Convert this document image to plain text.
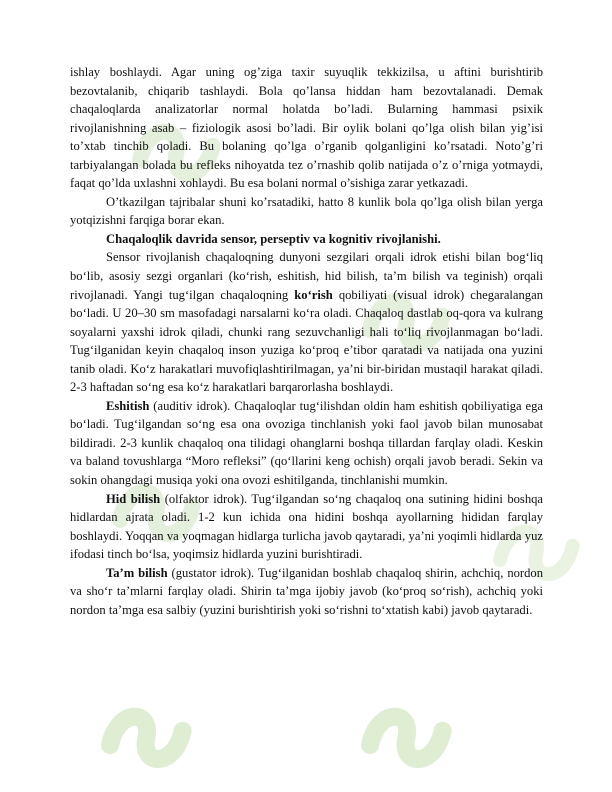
ishlay boshlaydi. Agar uning og’ziga taxir suyuqlik tekkizilsa, u aftini burishtirib bezovtalanib, chiqarib tashlaydi. Bola qo’lansa hiddan ham bezovtalanadi. Demak chaqaloqlarda analizatorlar normal holatda bo’ladi. Bularning hammasi psixik rivojlanishning asab – fiziologik asosi bo’ladi. Bir oylik bolani qo’lga olish bilan yig’isi to’xtab tinchib qoladi. Bu bolaning qo’lga o’rganib qolganligini ko’rsatadi. Noto’g’ri tarbiyalangan bolada bu refleks nihoyatda tez o’rnashib qolib natijada o’z o’rniga yotmaydi, faqat qo’lda uxlashni xohlaydi. Bu esa bolani normal o’sishiga zarar yetkazadi.

O’tkazilgan tajribalar shuni ko’rsatadiki, hatto 8 kunlik bola qo’lga olish bilan yerga yotqizishni farqiga borar ekan.

Chaqaloqlik davrida sensor, perseptiv va kognitiv rivojlanishi.

Sensor rivojlanish chaqaloqning dunyoni sezgilari orqali idrok etishi bilan bog‘liq bo‘lib, asosiy sezgi organlari (ko‘rish, eshitish, hid bilish, ta’m bilish va teginish) orqali rivojlanadi. Yangi tug‘ilgan chaqaloqning ko‘rish qobiliyati (visual idrok) chegaralangan bo‘ladi. U 20–30 sm masofadagi narsalarni ko‘ra oladi. Chaqaloq dastlab oq-qora va kulrang soyalarni yaxshi idrok qiladi, chunki rang sezuvchanligi hali to‘liq rivojlanmagan bo‘ladi. Tug‘ilganidan keyin chaqaloq inson yuziga ko‘proq e’tibor qaratadi va natijada ona yuzini tanib oladi. Ko‘z harakatlari muvofiqlashtirilmagan, ya’ni bir-biridan mustaqil harakat qiladi. 2-3 haftadan so‘ng esa ko‘z harakatlari barqarorlasha boshlaydi.

Eshitish (auditiv idrok). Chaqaloqlar tug‘ilishdan oldin ham eshitish qobiliyatiga ega bo‘ladi. Tug‘ilgandan so‘ng esa ona ovoziga tinchlanish yoki faol javob bilan munosabat bildiradi. 2-3 kunlik chaqaloq ona tilidagi ohanglarni boshqa tillardan farqlay oladi. Keskin va baland tovushlarga “Moro refleksi” (qo‘llarini keng ochish) orqali javob beradi. Sekin va sokin ohangdagi musiqa yoki ona ovozi eshitilganda, tinchlanishi mumkin.

Hid bilish (olfaktor idrok). Tug‘ilgandan so‘ng chaqaloq ona sutining hidini boshqa hidlardan ajrata oladi. 1-2 kun ichida ona hidini boshqa ayollarning hididan farqlay boshlaydi. Yoqqan va yoqmagan hidlarga turlicha javob qaytaradi, ya’ni yoqimli hidlarda yuz ifodasi tinch bo‘lsa, yoqimsiz hidlarda yuzini burishtiradi.

Ta’m bilish (gustator idrok). Tug‘ilganidan boshlab chaqaloq shirin, achchiq, nordon va sho‘r ta’mlarni farqlay oladi. Shirin ta’mga ijobiy javob (ko‘proq so‘rish), achchiq yoki nordon ta’mga esa salbiy (yuzini burishtirish yoki so‘rishni to‘xtatish kabi) javob qaytaradi.
